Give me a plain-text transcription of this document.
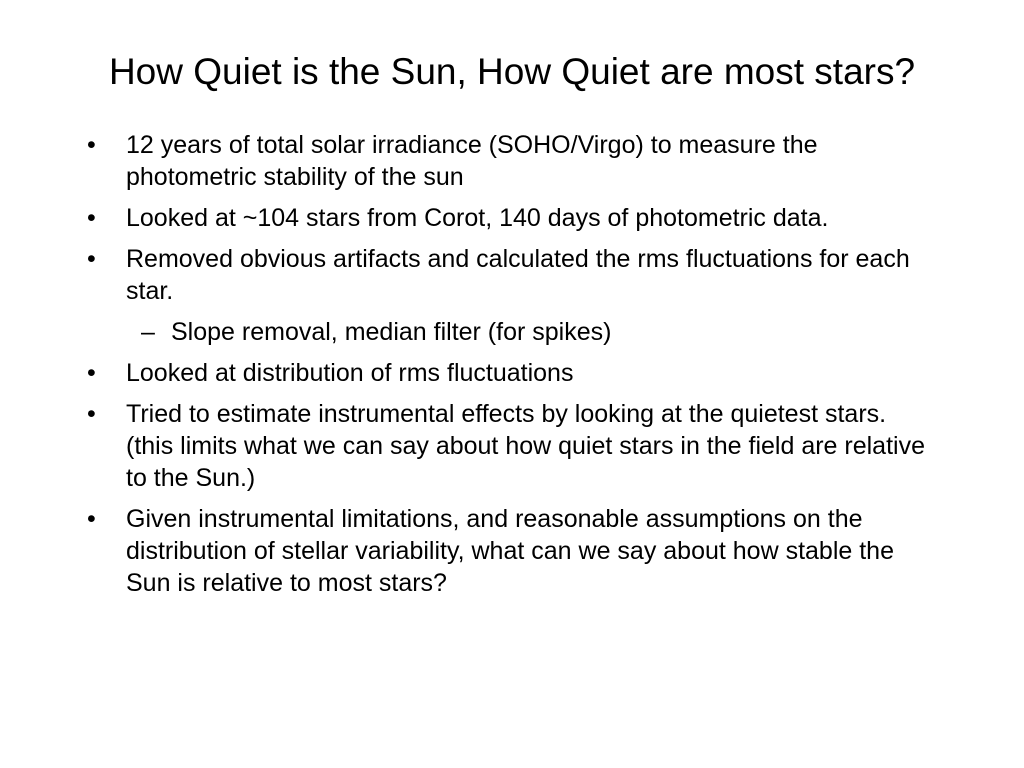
How Quiet is the Sun, How Quiet are most stars?
• 12 years of total solar irradiance (SOHO/Virgo) to measure the photometric stability of the sun
• Looked at ~104 stars from Corot, 140 days of photometric data.
• Removed obvious artifacts and calculated the rms fluctuations for each star.
– Slope removal, median filter (for spikes)
• Looked at distribution of rms fluctuations
• Tried to estimate instrumental effects by looking at the quietest stars. (this limits what we can say about how quiet stars in the field are relative to the Sun.)
• Given instrumental limitations, and reasonable assumptions on the distribution of stellar variability, what can we say about how stable the Sun is relative to most stars?
